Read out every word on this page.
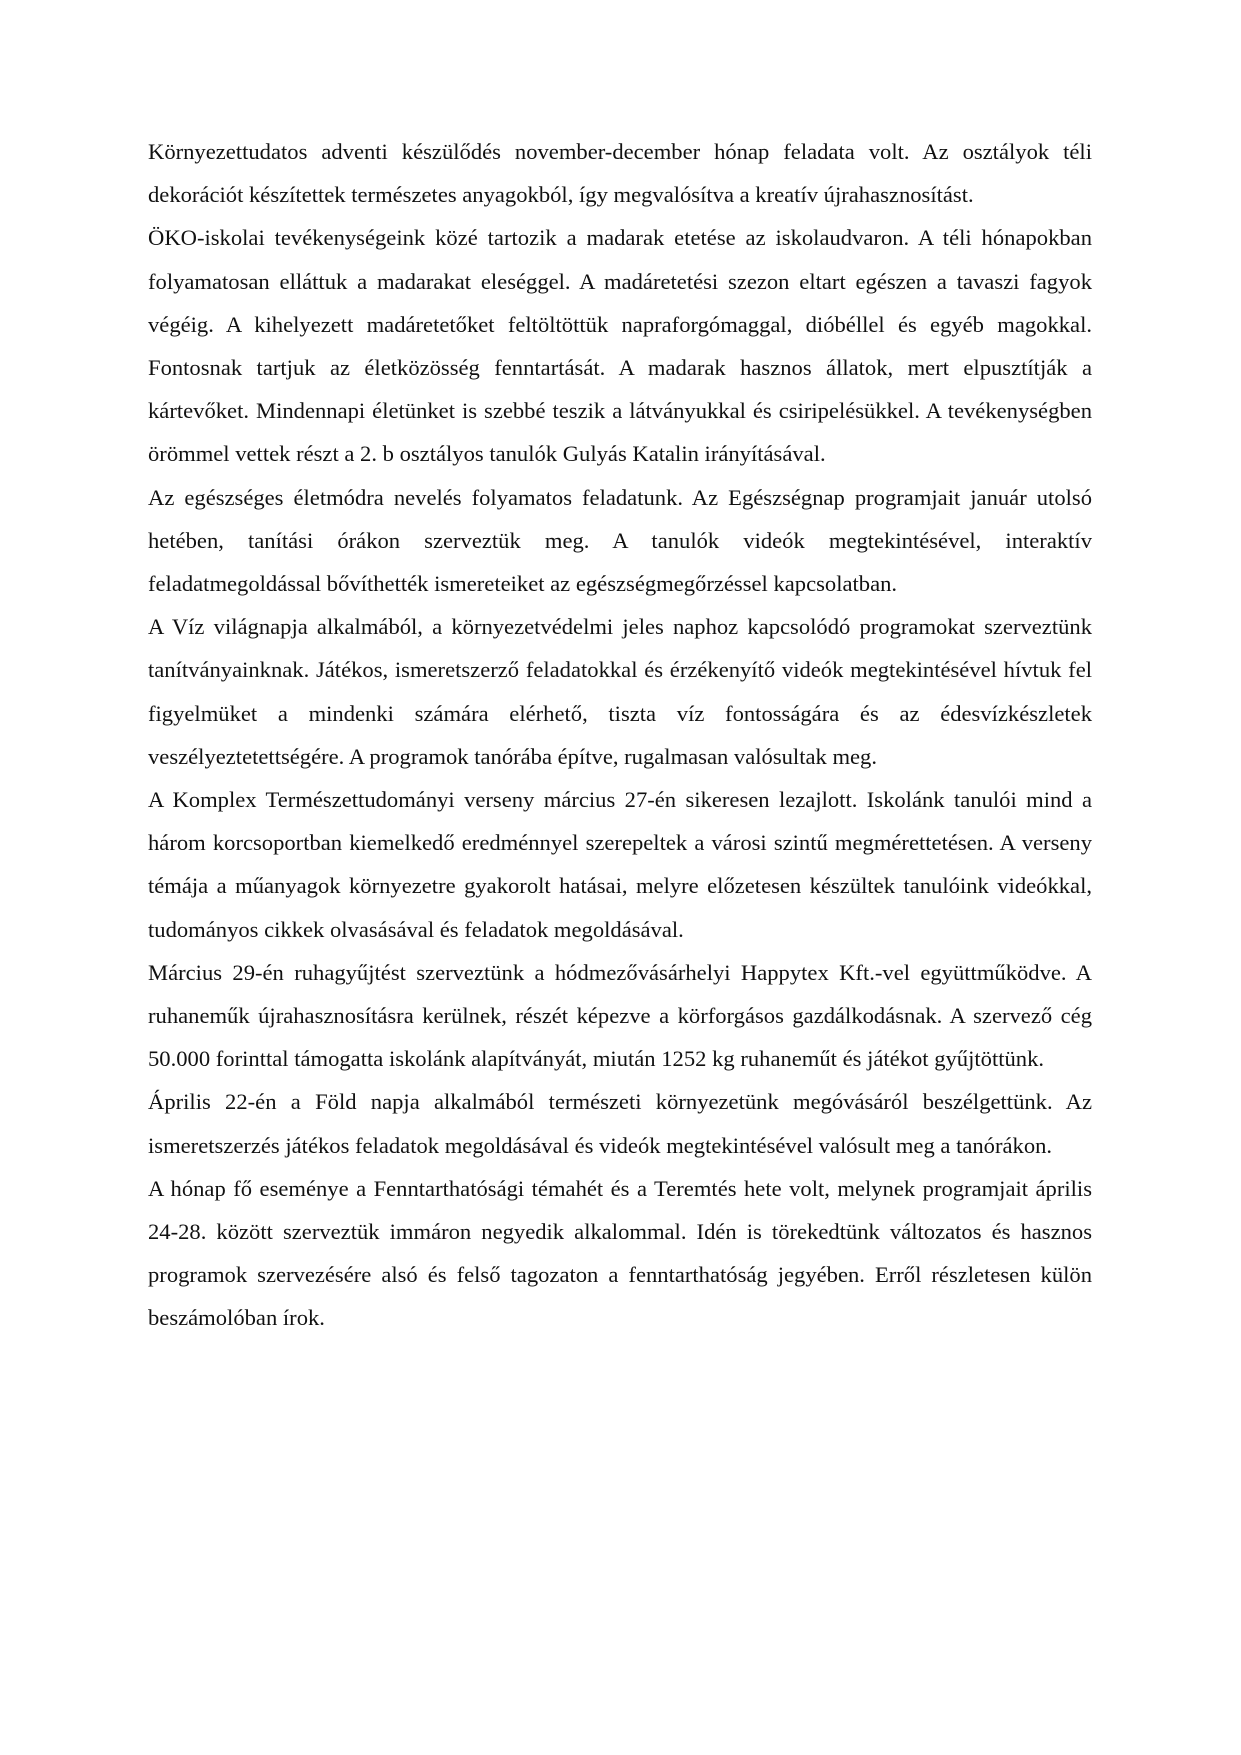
Környezettudatos adventi készülődés november-december hónap feladata volt. Az osztályok téli dekorációt készítettek természetes anyagokból, így megvalósítva a kreatív újrahasznosítást.

ÖKO-iskolai tevékenységeink közé tartozik a madarak etetése az iskolaudvaron. A téli hónapokban folyamatosan elláttuk a madarakat eleséggel. A madáretetési szezon eltart egészen a tavaszi fagyok végéig. A kihelyezett madáretetőket feltöltöttük napraforgómaggal, dióbéllel és egyéb magokkal. Fontosnak tartjuk az életközösség fenntartását. A madarak hasznos állatok, mert elpusztítják a kártevőket. Mindennapi életünket is szebbé teszik a látványukkal és csiripelésükkel. A tevékenységben örömmel vettek részt a 2. b osztályos tanulók Gulyás Katalin irányításával.

Az egészséges életmódra nevelés folyamatos feladatunk. Az Egészségnap programjait január utolsó hetében, tanítási órákon szerveztük meg. A tanulók videók megtekintésével, interaktív feladatmegoldással bővíthették ismereteiket az egészségmegőrzéssel kapcsolatban.

A Víz világnapja alkalmából, a környezetvédelmi jeles naphoz kapcsolódó programokat szerveztünk tanítványainknak. Játékos, ismeretszerző feladatokkal és érzékenyítő videók megtekintésével hívtuk fel figyelmüket a mindenki számára elérhető, tiszta víz fontosságára és az édesvízkészletek veszélyeztetettségére. A programok tanórába építve, rugalmasan valósultak meg.

A Komplex Természettudományi verseny március 27-én sikeresen lezajlott. Iskolánk tanulói mind a három korcsoportban kiemelkedő eredménnyel szerepeltek a városi szintű megmérettetésen. A verseny témája a műanyagok környezetre gyakorolt hatásai, melyre előzetesen készültek tanulóink videókkal, tudományos cikkek olvasásával és feladatok megoldásával.

Március 29-én ruhagyűjtést szerveztünk a hódmezővásárhelyi Happytex Kft.-vel együttműködve. A ruhaneműk újrahasznosításra kerülnek, részét képezve a körforgásos gazdálkodásnak. A szervező cég 50.000 forinttal támogatta iskolánk alapítványát, miután 1252 kg ruhaneműt és játékot gyűjtöttünk.

Április 22-én a Föld napja alkalmából természeti környezetünk megóvásáról beszélgettünk. Az ismeretszerzés játékos feladatok megoldásával és videók megtekintésével valósult meg a tanórákon.

A hónap fő eseménye a Fenntarthatósági témahét és a Teremtés hete volt, melynek programjait április 24-28. között szerveztük immáron negyedik alkalommal. Idén is törekedtünk változatos és hasznos programok szervezésére alsó és felső tagozaton a fenntarthatóság jegyében. Erről részletesen külön beszámolóban írok.
